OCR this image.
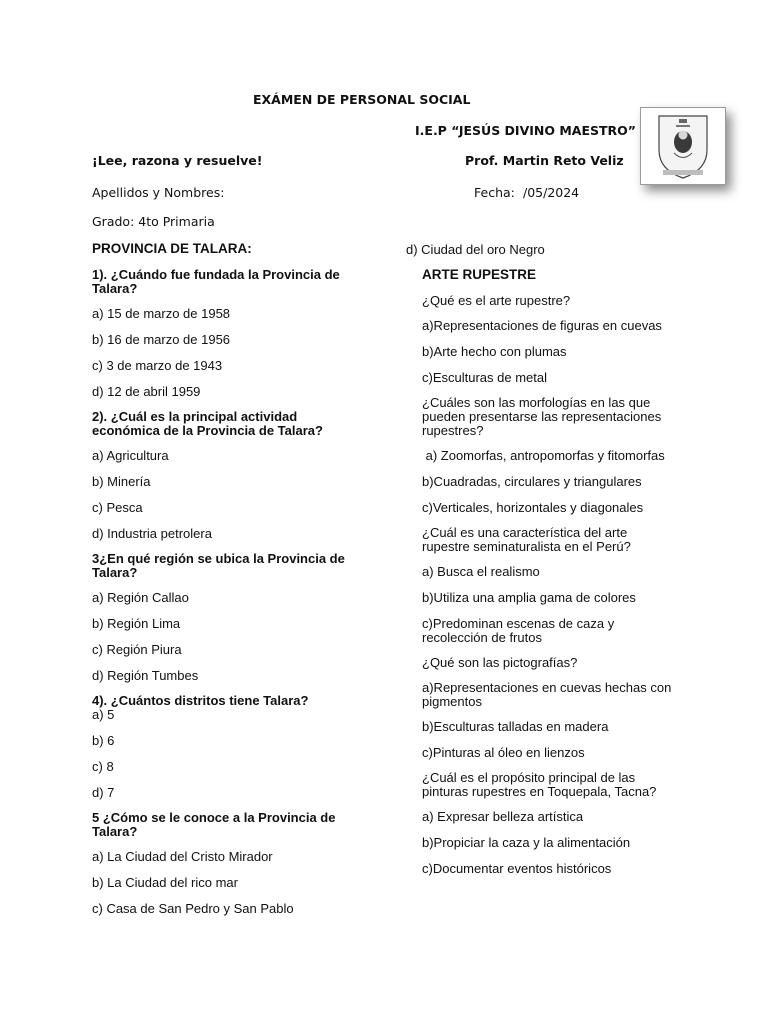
EXÁMEN DE PERSONAL SOCIAL
I.E.P “JESÚS DIVINO MAESTRO”
¡Lee, razona y resuelve!	Prof. Martin Reto Veliz
Apellidos y Nombres:	Fecha: /05/2024
Grado: 4to Primaria

PROVINCIA DE TALARA:

1). ¿Cuándo fue fundada la Provincia de

Talara?

a) 15 de marzo de 1958

b) 16 de marzo de 1956

c) 3 de marzo de 1943

d) 12 de abril 1959

2). ¿Cuál es la principal actividad

económica de la Provincia de Talara?

a) Agricultura

b) Minería

c) Pesca

d) Industria petrolera

3¿En qué región se ubica la Provincia de

Talara?

a) Región Callao

b) Región Lima

c) Región Piura

d) Región Tumbes

4). ¿Cuántos distritos tiene Talara?

a) 5

b) 6

c) 8

d) 7

5 ¿Cómo se le conoce a la Provincia de

Talara?

a) La Ciudad del Cristo Mirador

b) La Ciudad del rico mar

c) Casa de San Pedro y San Pablo

d) Ciudad del oro Negro

ARTE RUPESTRE

¿Qué es el arte rupestre?

a)Representaciones de figuras en cuevas

b)Arte hecho con plumas

c)Esculturas de metal

¿Cuáles son las morfologías en las que

pueden presentarse las representaciones

rupestres?

a) Zoomorfas, antropomorfas y fitomorfas

b)Cuadradas, circulares y triangulares

c)Verticales, horizontales y diagonales

¿Cuál es una característica del arte

rupestre seminaturalista en el Perú?

a) Busca el realismo

b)Utiliza una amplia gama de colores

c)Predominan escenas de caza y

recolección de frutos

¿Qué son las pictografías?

a)Representaciones en cuevas hechas con

pigmentos

b)Esculturas talladas en madera

c)Pinturas al óleo en lienzos

¿Cuál es el propósito principal de las

pinturas rupestres en Toquepala, Tacna?

a) Expresar belleza artística

b)Propiciar la caza y la alimentación

c)Documentar eventos históricos
